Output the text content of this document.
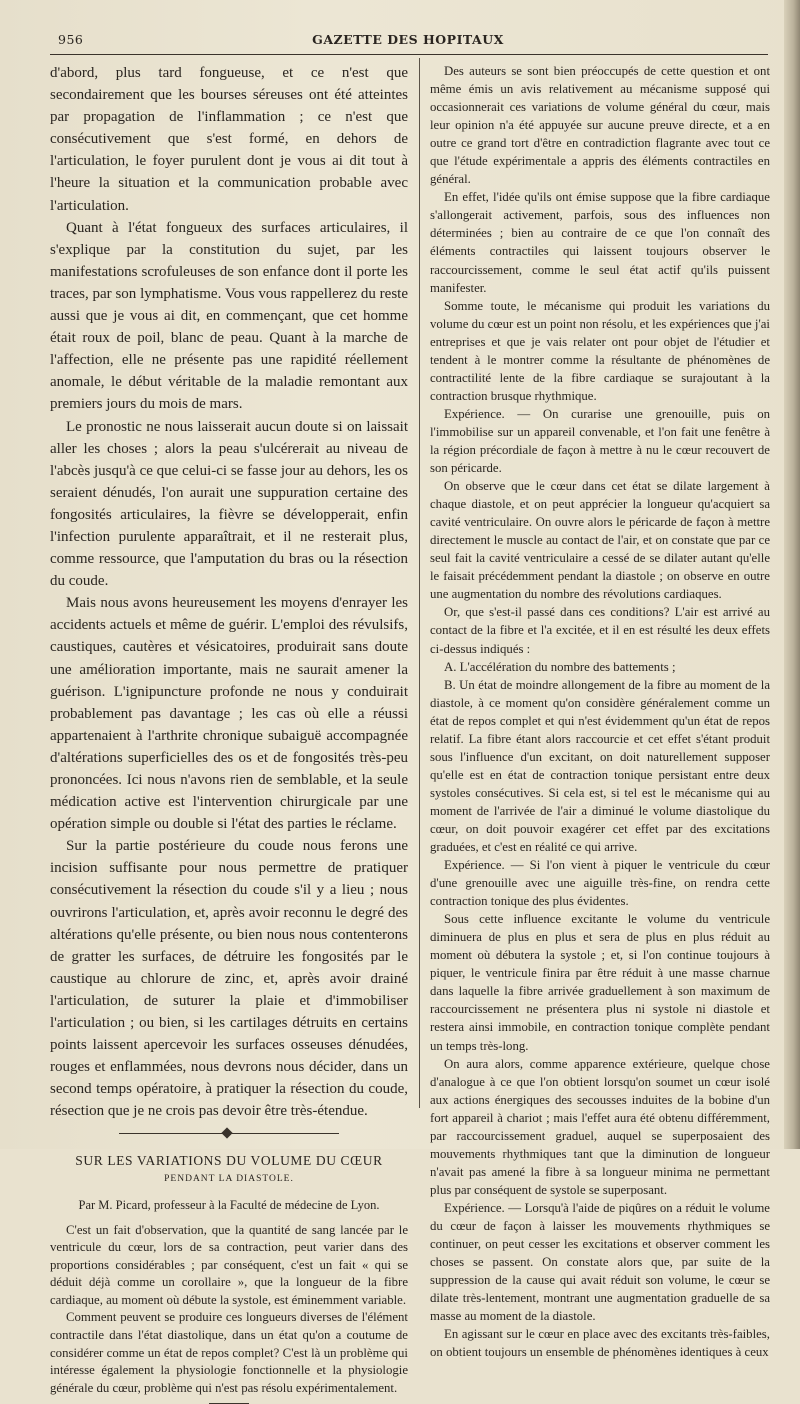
956	GAZETTE DES HOPITAUX

d'abord, plus tard fongueuse, et ce n'est que secondairement que les bourses séreuses ont été atteintes par propagation de l'inflammation ; ce n'est que consécutivement que s'est formé, en dehors de l'articulation, le foyer purulent dont je vous ai dit tout à l'heure la situation et la communication probable avec l'articulation.

Quant à l'état fongueux des surfaces articulaires, il s'explique par la constitution du sujet, par les manifestations scrofuleuses de son enfance dont il porte les traces, par son lymphatisme. Vous vous rappellerez du reste aussi que je vous ai dit, en commençant, que cet homme était roux de poil, blanc de peau. Quant à la marche de l'affection, elle ne présente pas une rapidité réellement anomale, le début véritable de la maladie remontant aux premiers jours du mois de mars.

Le pronostic ne nous laisserait aucun doute si on laissait aller les choses ; alors la peau s'ulcérerait au niveau de l'abcès jusqu'à ce que celui-ci se fasse jour au dehors, les os seraient dénudés, l'on aurait une suppuration certaine des fongosités articulaires, la fièvre se développerait, enfin l'infection purulente apparaîtrait, et il ne resterait plus, comme ressource, que l'amputation du bras ou la résection du coude.

Mais nous avons heureusement les moyens d'enrayer les accidents actuels et même de guérir. L'emploi des révulsifs, caustiques, cautères et vésicatoires, produirait sans doute une amélioration importante, mais ne saurait amener la guérison. L'ignipuncture profonde ne nous y conduirait probablement pas davantage ; les cas où elle a réussi appartenaient à l'arthrite chronique subaiguë accompagnée d'altérations superficielles des os et de fongosités très-peu prononcées. Ici nous n'avons rien de semblable, et la seule médication active est l'intervention chirurgicale par une opération simple ou double si l'état des parties le réclame.

Sur la partie postérieure du coude nous ferons une incision suffisante pour nous permettre de pratiquer consécutivement la résection du coude s'il y a lieu ; nous ouvrirons l'articulation, et, après avoir reconnu le degré des altérations qu'elle présente, ou bien nous nous contenterons de gratter les surfaces, de détruire les fongosités par le caustique au chlorure de zinc, et, après avoir drainé l'articulation, de suturer la plaie et d'immobiliser l'articulation ; ou bien, si les cartilages détruits en certains points laissent apercevoir les surfaces osseuses dénudées, rouges et enflammées, nous devrons nous décider, dans un second temps opératoire, à pratiquer la résection du coude, résection que je ne crois pas devoir être très-étendue.

SUR LES VARIATIONS DU VOLUME DU CŒUR
PENDANT LA DIASTOLE.
Par M. Picard, professeur à la Faculté de médecine de Lyon.

C'est un fait d'observation, que la quantité de sang lancée par le ventricule du cœur, lors de sa contraction, peut varier dans des proportions considérables ; par conséquent, c'est un fait « qui se déduit déjà comme un corollaire », que la longueur de la fibre cardiaque, au moment où débute la systole, est éminemment variable.

Comment peuvent se produire ces longueurs diverses de l'élément contractile dans l'état diastolique, dans un état qu'on a coutume de considérer comme un état de repos complet? C'est là un problème qui intéresse également la physiologie fonctionnelle et la physiologie générale du cœur, problème qui n'est pas résolu expérimentalement.

Des auteurs se sont bien préoccupés de cette question et ont même émis un avis relativement au mécanisme supposé qui occasionnerait ces variations de volume général du cœur, mais leur opinion n'a été appuyée sur aucune preuve directe, et a en outre ce grand tort d'être en contradiction flagrante avec tout ce que l'étude expérimentale a appris des éléments contractiles en général.

En effet, l'idée qu'ils ont émise suppose que la fibre cardiaque s'allongerait activement, parfois, sous des influences non déterminées ; bien au contraire de ce que l'on connaît des éléments contractiles qui laissent toujours observer le raccourcissement, comme le seul état actif qu'ils puissent manifester.

Somme toute, le mécanisme qui produit les variations du volume du cœur est un point non résolu, et les expériences que j'ai entreprises et que je vais relater ont pour objet de l'étudier et tendent à le montrer comme la résultante de phénomènes de contractilité lente de la fibre cardiaque se surajoutant à la contraction brusque rhythmique.

Expérience. — On curarise une grenouille, puis on l'immobilise sur un appareil convenable, et l'on fait une fenêtre à la région précordiale de façon à mettre à nu le cœur recouvert de son péricarde.

On observe que le cœur dans cet état se dilate largement à chaque diastole, et on peut apprécier la longueur qu'acquiert sa cavité ventriculaire. On ouvre alors le péricarde de façon à mettre directement le muscle au contact de l'air, et on constate que par ce seul fait la cavité ventriculaire a cessé de se dilater autant qu'elle le faisait précédemment pendant la diastole ; on observe en outre une augmentation du nombre des révolutions cardiaques.

Or, que s'est-il passé dans ces conditions? L'air est arrivé au contact de la fibre et l'a excitée, et il en est résulté les deux effets ci-dessus indiqués :

A. L'accélération du nombre des battements ;

B. Un état de moindre allongement de la fibre au moment de la diastole, à ce moment qu'on considère généralement comme un état de repos complet et qui n'est évidemment qu'un état de repos relatif. La fibre étant alors raccourcie et cet effet s'étant produit sous l'influence d'un excitant, on doit naturellement supposer qu'elle est en état de contraction tonique persistant entre deux systoles consécutives. Si cela est, si tel est le mécanisme qui au moment de l'arrivée de l'air a diminué le volume diastolique du cœur, on doit pouvoir exagérer cet effet par des excitations graduées, et c'est en réalité ce qui arrive.

Expérience. — Si l'on vient à piquer le ventricule du cœur d'une grenouille avec une aiguille très-fine, on rendra cette contraction tonique des plus évidentes.

Sous cette influence excitante le volume du ventricule diminuera de plus en plus et sera de plus en plus réduit au moment où débutera la systole ; et, si l'on continue toujours à piquer, le ventricule finira par être réduit à une masse charnue dans laquelle la fibre arrivée graduellement à son maximum de raccourcissement ne présentera plus ni systole ni diastole et restera ainsi immobile, en contraction tonique complète pendant un temps très-long.

On aura alors, comme apparence extérieure, quelque chose d'analogue à ce que l'on obtient lorsqu'on soumet un cœur isolé aux actions énergiques des secousses induites de la bobine d'un fort appareil à chariot ; mais l'effet aura été obtenu différemment, par raccourcissement graduel, auquel se superposaient des mouvements rhythmiques tant que la diminution de longueur n'avait pas amené la fibre à sa longueur minima ne permettant plus par conséquent de systole se superposant.

Expérience. — Lorsqu'à l'aide de piqûres on a réduit le volume du cœur de façon à laisser les mouvements rhythmiques se continuer, on peut cesser les excitations et observer comment les choses se passent. On constate alors que, par suite de la suppression de la cause qui avait réduit son volume, le cœur se dilate très-lentement, montrant une augmentation graduelle de sa masse au moment de la diastole.

En agissant sur le cœur en place avec des excitants très-faibles, on obtient toujours un ensemble de phénomènes identiques à ceux
